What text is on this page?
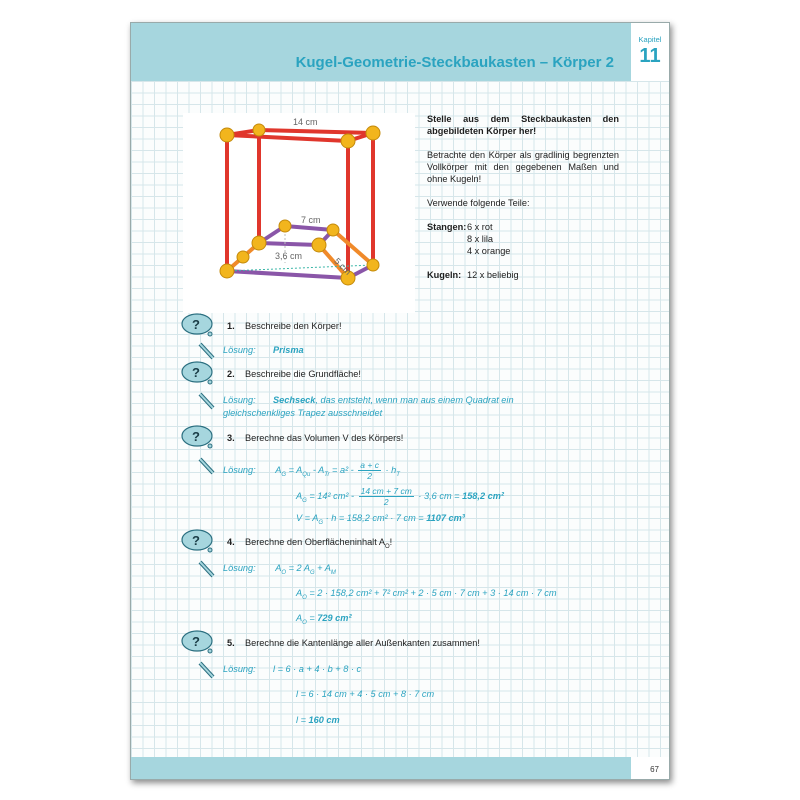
Kugel-Geometrie-Steckbaukasten – Körper 2
Kapitel
11
67
14 cm
7 cm
3,6 cm	5 cm

Stelle aus dem Steckbaukasten den abgebildeten Körper her!

Betrachte den Körper als gradlinig begrenzten Vollkörper mit den gegebenen Maßen und ohne Kugeln!

Verwende folgende Teile:

Stangen: 6 x rot
8 x lila
4 x orange
Kugeln: 12 x beliebig
?	1. Beschreibe den Körper!
Lösung: Prisma
?	2. Beschreibe die Grundfläche!
Lösung: Sechseck, das entsteht, wenn man aus einem Quadrat ein
gleichschenkliges Trapez ausschneidet
?	3. Berechne das Volumen V des Körpers!
Lösung: $A_G = A_{Qu} - A_{Tr} = a^2 - \frac{a + c}{2} \cdot h_T$
$A_G = 14^2$ $cm^2 - \frac{14 cm + 7 cm}{2} \cdot 3,6$ cm = 158,2 cm²
$V = A_G \cdot h = 158,2$ cm² · 7 cm = 1107 cm³
?	4. Berechne den Oberflächeninhalt $A_O$!
Lösung: $A_O = 2$ $A_G + A_M$
$A_O = 2 \cdot 158,2$ cm² + 7² cm² + 2 · 5 cm · 7 cm + 3 · 14 cm · 7 cm
$A_O = 729$ cm²
?	5. Berechne die Kantenlänge aller Außenkanten zusammen!
Lösung: l = 6 · a + 4 · b + 8 · c
l = 6 · 14 cm + 4 · 5 cm + 8 · 7 cm
l = 160 cm
